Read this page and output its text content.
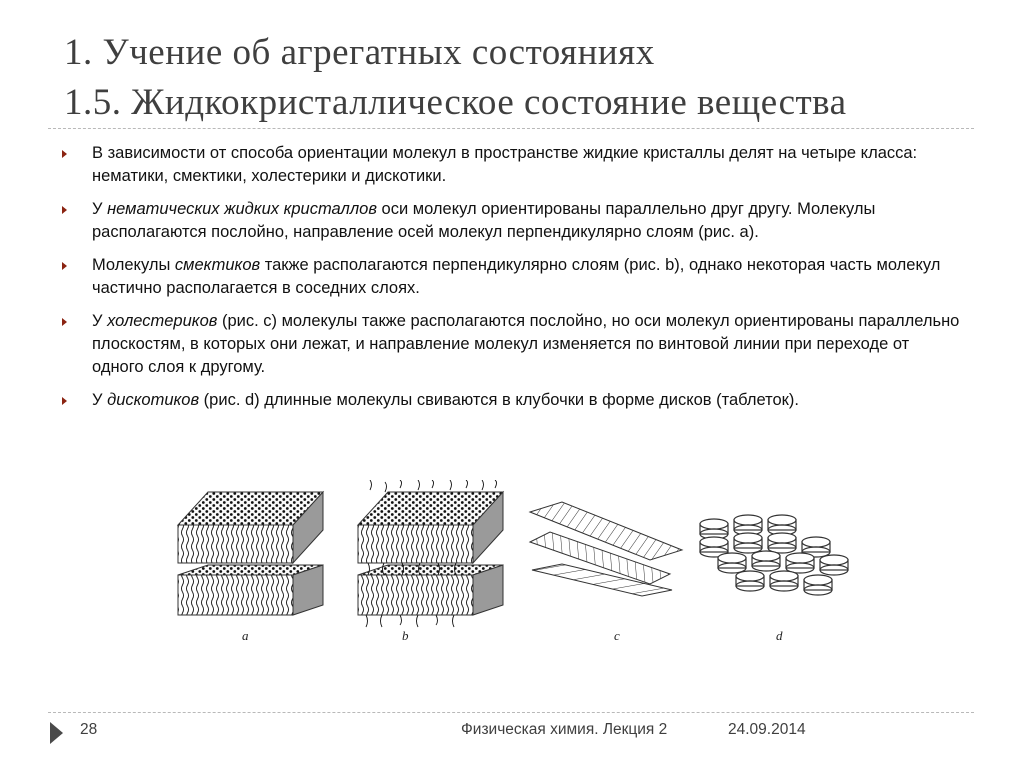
1. Учение об агрегатных состояниях
1.5. Жидкокристаллическое состояние вещества
В зависимости от способа ориентации молекул в пространстве жидкие кристаллы делят на четыре класса: нематики, смектики, холестерики и дискотики.
У нематических жидких кристаллов оси молекул ориентированы параллельно друг другу. Молекулы располагаются послойно, направление осей молекул перпендикулярно слоям (рис. а).
Молекулы смектиков также располагаются перпендикулярно слоям (рис. b), однако некоторая часть молекул частично располагается в соседних слоях.
У холестериков (рис. с) молекулы также располагаются послойно, но оси молекул ориентированы параллельно плоскостям, в которых они лежат, и направление молекул изменяется по винтовой линии при переходе от одного слоя к другому.
У дискотиков (рис. d) длинные молекулы свиваются в клубочки в форме дисков (таблеток).
a	b	c	d
28	Физическая химия. Лекция 2	24.09.2014
